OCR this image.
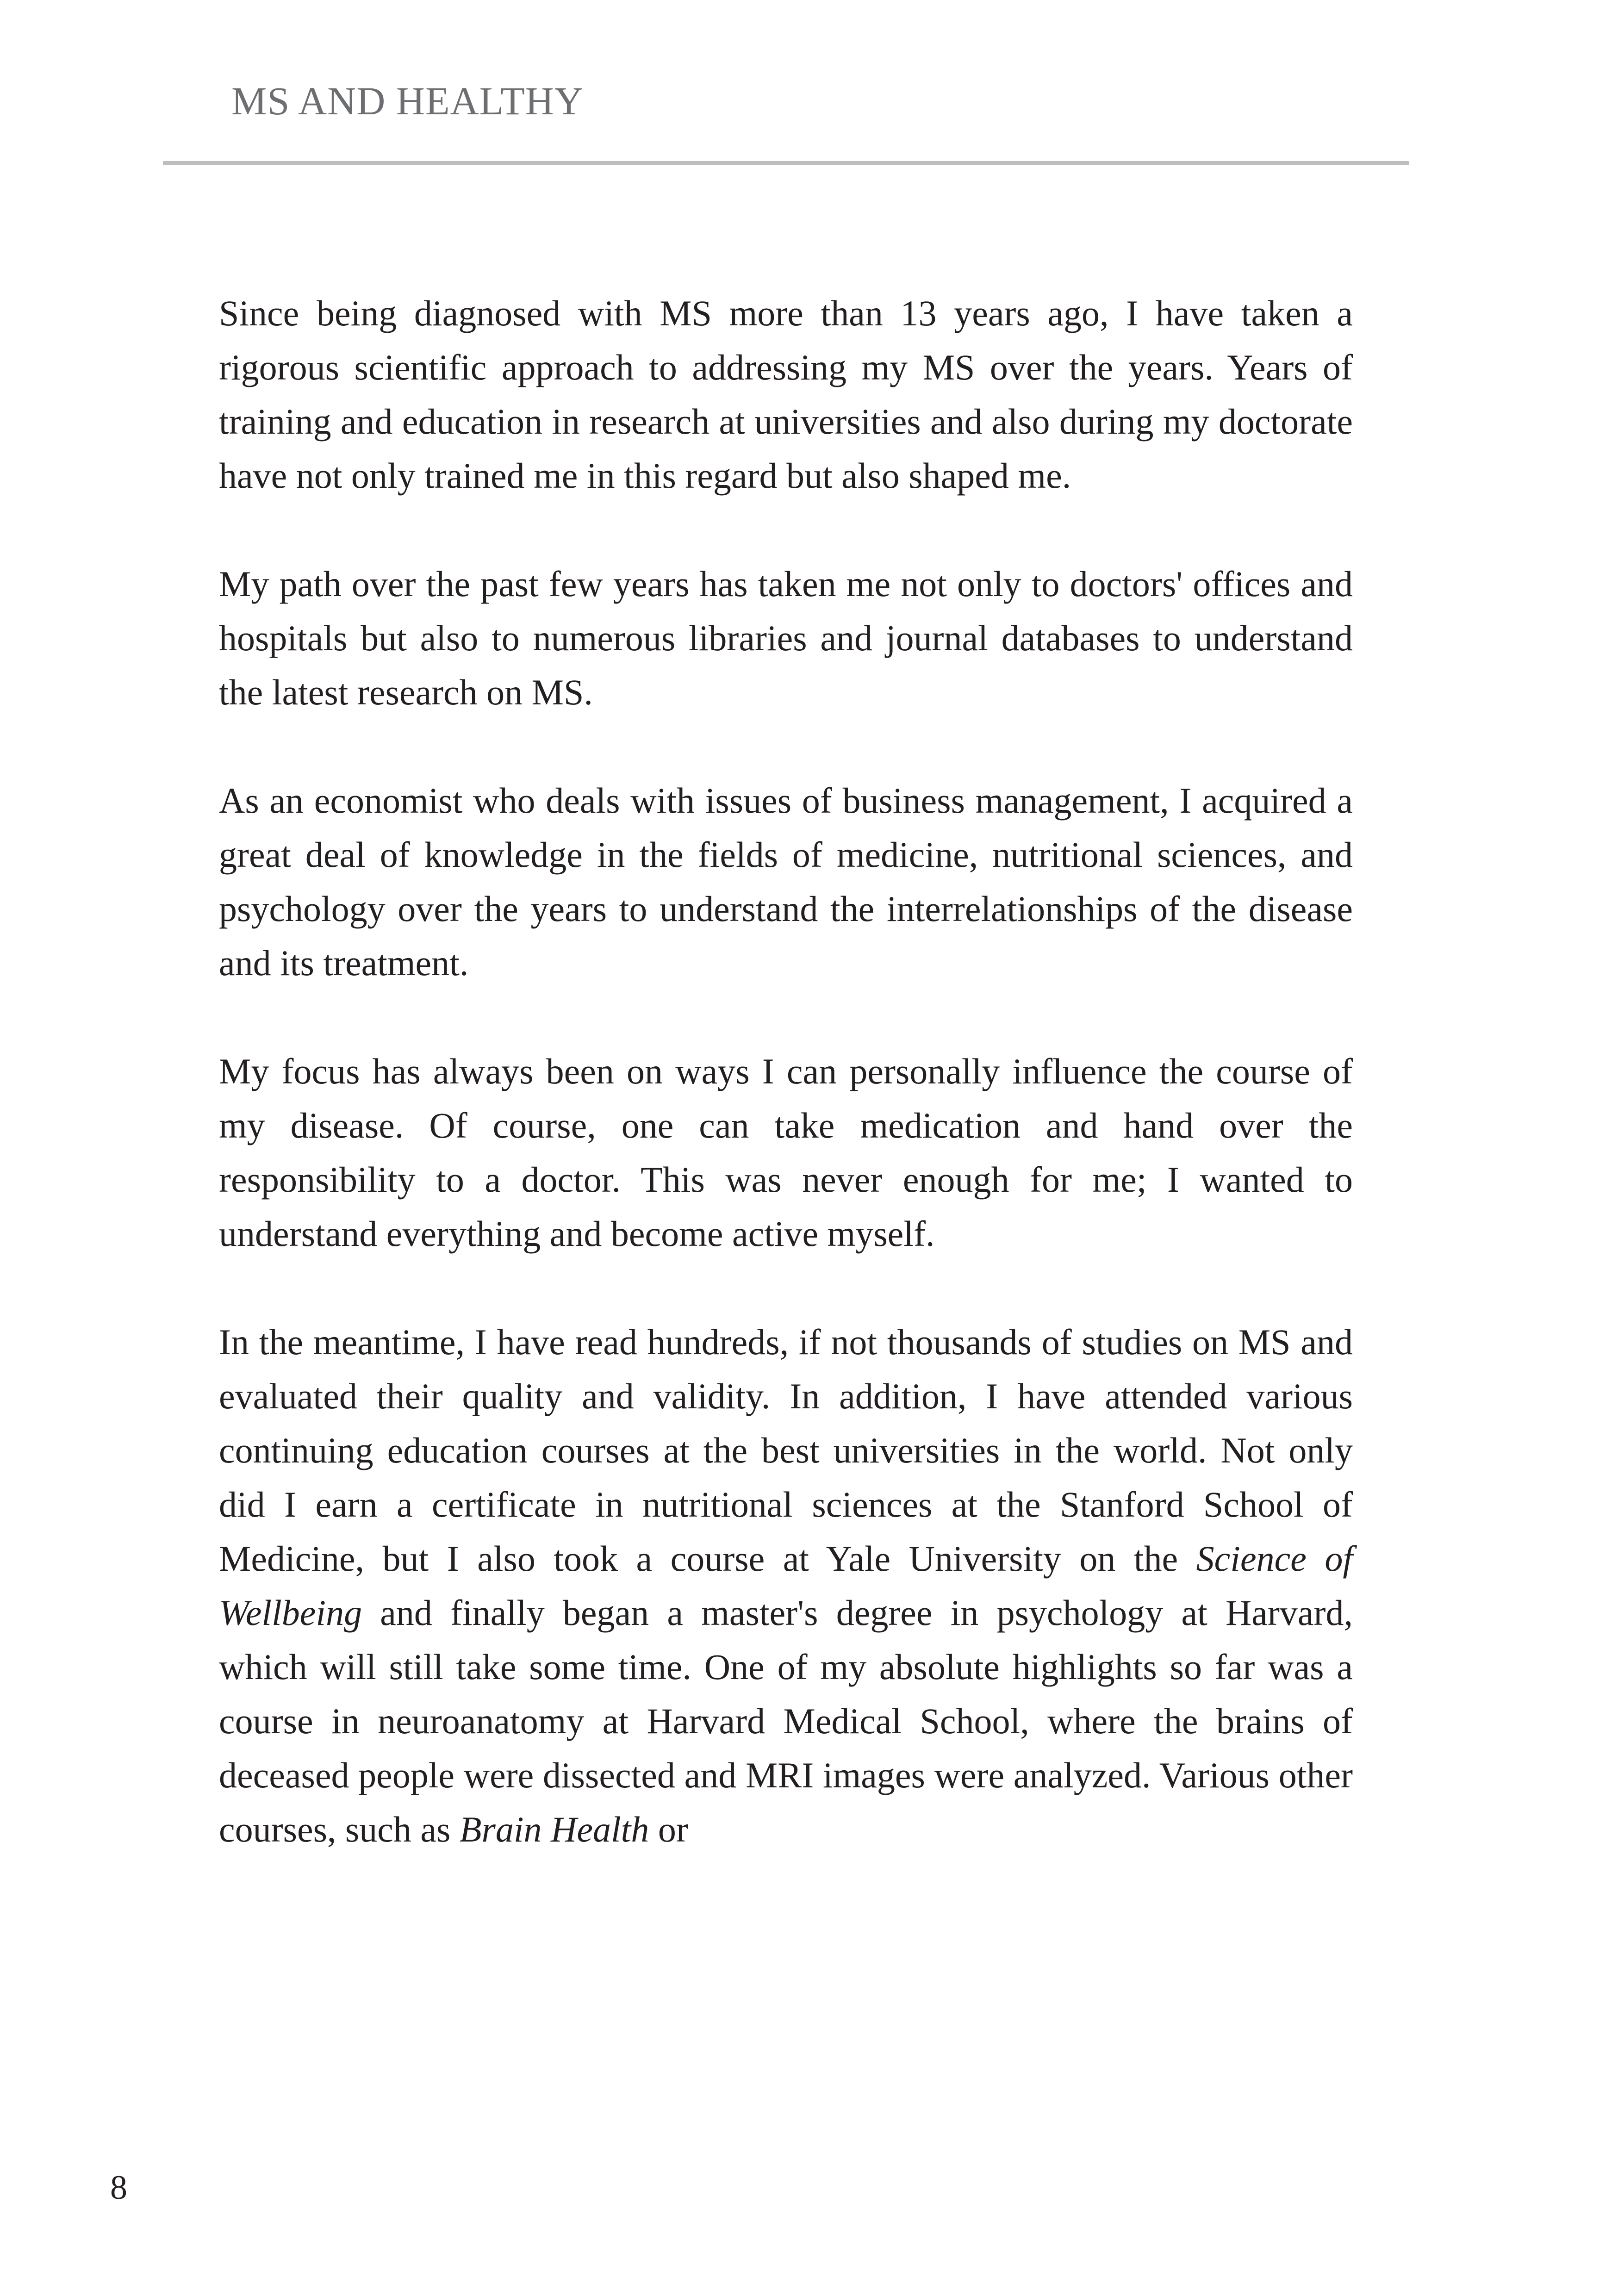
MS AND HEALTHY

Since being diagnosed with MS more than 13 years ago, I have taken a rigorous scientific approach to addressing my MS over the years. Years of training and education in research at universities and also during my doctorate have not only trained me in this regard but also shaped me.

My path over the past few years has taken me not only to doctors' offices and hospitals but also to numerous libraries and journal databases to understand the latest research on MS.

As an economist who deals with issues of business management, I acquired a great deal of knowledge in the fields of medicine, nutritional sciences, and psychology over the years to understand the interrelationships of the disease and its treatment.

My focus has always been on ways I can personally influence the course of my disease. Of course, one can take medication and hand over the responsibility to a doctor. This was never enough for me; I wanted to understand everything and become active myself.

In the meantime, I have read hundreds, if not thousands of studies on MS and evaluated their quality and validity. In addition, I have attended various continuing education courses at the best universities in the world. Not only did I earn a certificate in nutritional sciences at the Stanford School of Medicine, but I also took a course at Yale University on the Science of Wellbeing and finally began a master's degree in psychology at Harvard, which will still take some time. One of my absolute highlights so far was a course in neuroanatomy at Harvard Medical School, where the brains of deceased people were dissected and MRI images were analyzed. Various other courses, such as Brain Health or

8
